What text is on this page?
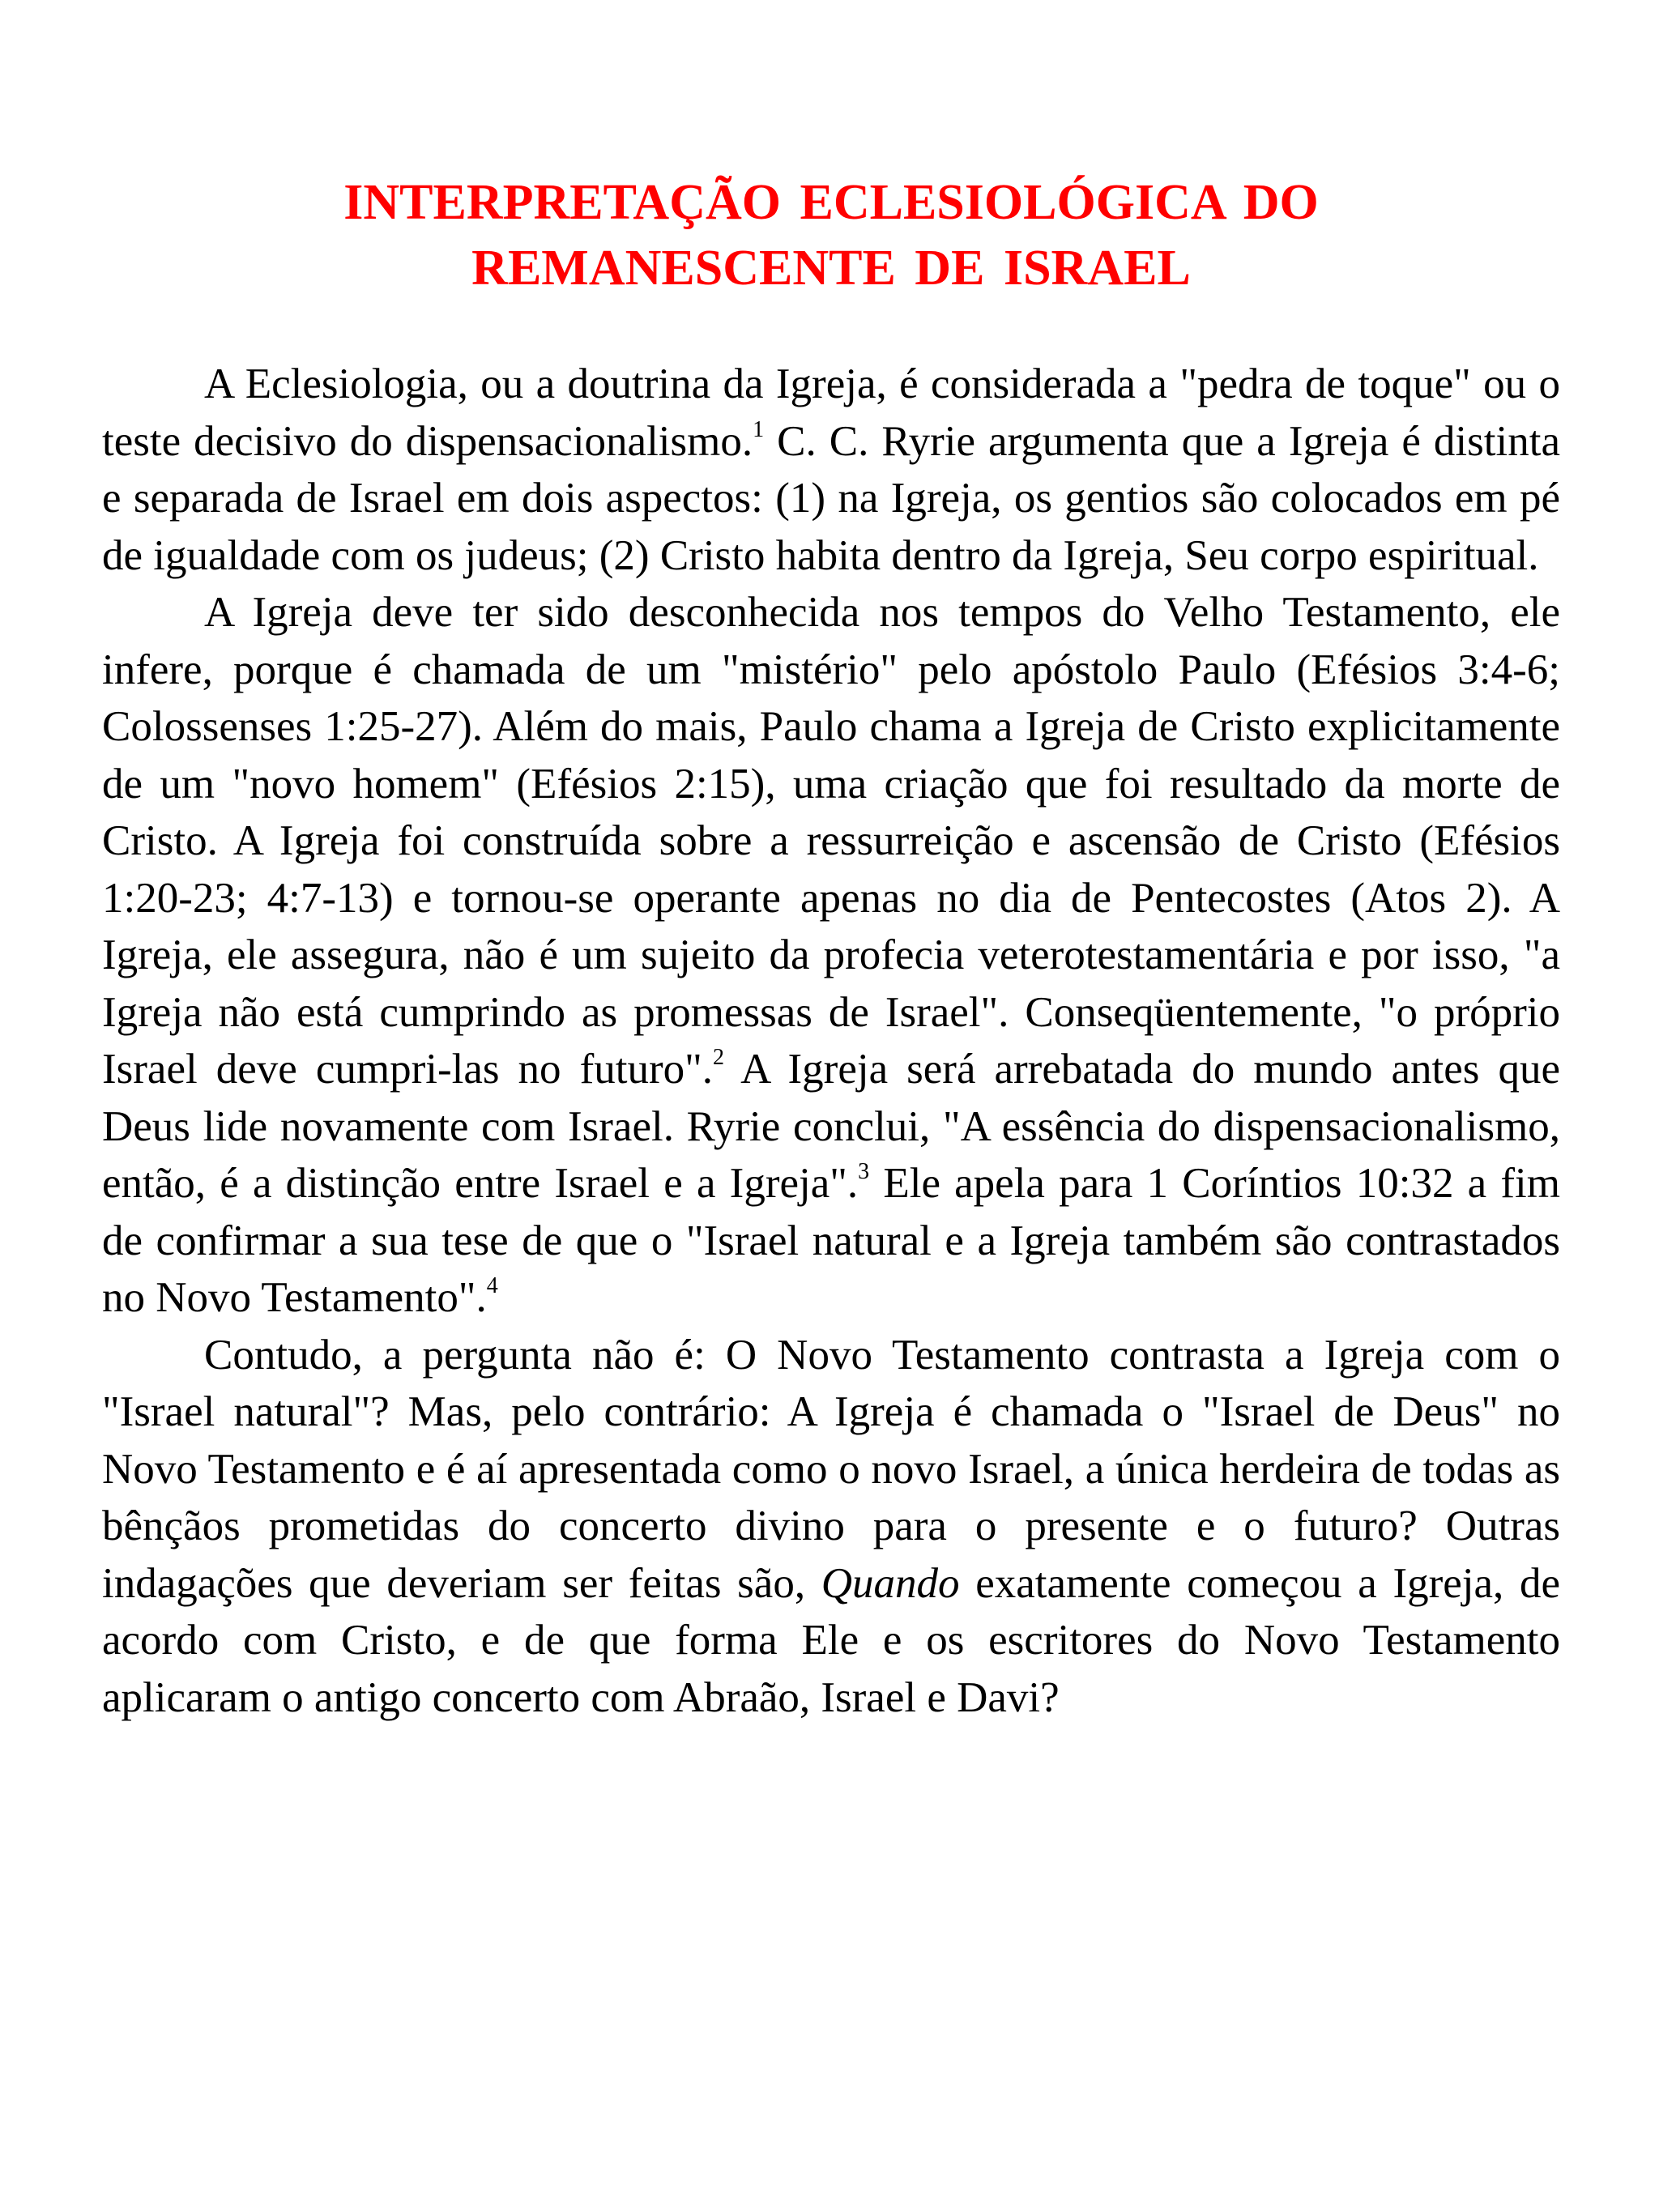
INTERPRETAÇÃO ECLESIOLÓGICA DO
REMANESCENTE DE ISRAEL

A Eclesiologia, ou a doutrina da Igreja, é considerada a "pedra de toque" ou o teste decisivo do dispensacionalismo.$^1$ C. C. Ryrie argumenta que a Igreja é distinta e separada de Israel em dois aspectos: (1) na Igreja, os gentios são colocados em pé de igualdade com os judeus; (2) Cristo habita dentro da Igreja, Seu corpo espiritual.

A Igreja deve ter sido desconhecida nos tempos do Velho Testamento, ele infere, porque é chamada de um "mistério" pelo apóstolo Paulo (Efésios 3:4-6; Colossenses 1:25-27). Além do mais, Paulo chama a Igreja de Cristo explicitamente de um "novo homem" (Efésios 2:15), uma criação que foi resultado da morte de Cristo. A Igreja foi construída sobre a ressurreição e ascensão de Cristo (Efésios 1:20-23; 4:7-13) e tornou-se operante apenas no dia de Pentecostes (Atos 2). A Igreja, ele assegura, não é um sujeito da profecia veterotestamentária e por isso, "a Igreja não está cumprindo as promessas de Israel". Conseqüentemente, "o próprio Israel deve cumpri-las no futuro".$^2$ A Igreja será arrebatada do mundo antes que Deus lide novamente com Israel. Ryrie conclui, "A essência do dispensacionalismo, então, é a distinção entre Israel e a Igreja".$^3$ Ele apela para 1 Coríntios 10:32 a fim de confirmar a sua tese de que o "Israel natural e a Igreja também são contrastados no Novo Testamento".$^4$

Contudo, a pergunta não é: O Novo Testamento contrasta a Igreja com o "Israel natural"? Mas, pelo contrário: A Igreja é chamada o "Israel de Deus" no Novo Testamento e é aí apresentada como o novo Israel, a única herdeira de todas as bênçãos prometidas do concerto divino para o presente e o futuro? Outras indagações que deveriam ser feitas são, Quando exatamente começou a Igreja, de acordo com Cristo, e de que forma Ele e os escritores do Novo Testamento aplicaram o antigo concerto com Abraão, Israel e Davi?
